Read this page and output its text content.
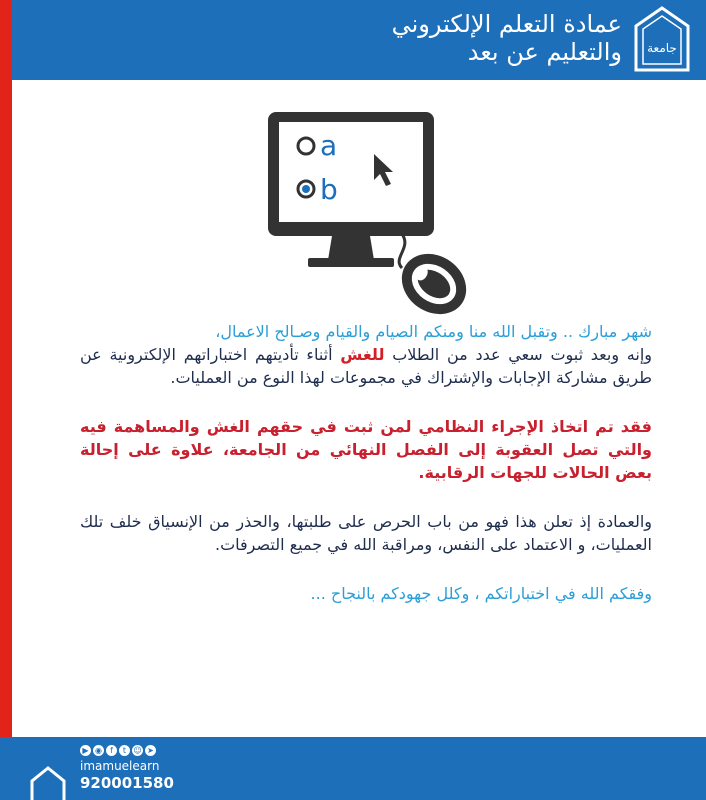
عمادة التعلم الإلكتروني
والتعليم عن بعد جامعة
a
b

شهر مبارك .. وتقبل الله منا ومنكم الصيام والقيام وصـالح الاعمال،

وإنه وبعد ثبوت سعي عدد من الطلاب للغش أثناء تأديتهم اختباراتهم الإلكترونية عن طريق مشاركة الإجابات والإشتراك في مجموعات لهذا النوع من العمليات.

فقد تم اتخاذ الإجراء النظامي لمن ثبت في حقهم الغش والمساهمة فيه والتي تصل العقوبة إلى الفصل النهائي من الجامعة، علاوة على إحالة بعض الحالات للجهات الرقابية.

والعمادة إذ تعلن هذا فهو من باب الحرص على طلبتها، والحذر من الإنسياق خلف تلك العمليات، و الاعتماد على النفس، ومراقبة الله في جميع التصرفات.

وفقكم الله في اختباراتكم ، وكلل جهودكم بالنجاح ...

▶ ◉	f	t ☺ ➤
imamuelearn
920001580
